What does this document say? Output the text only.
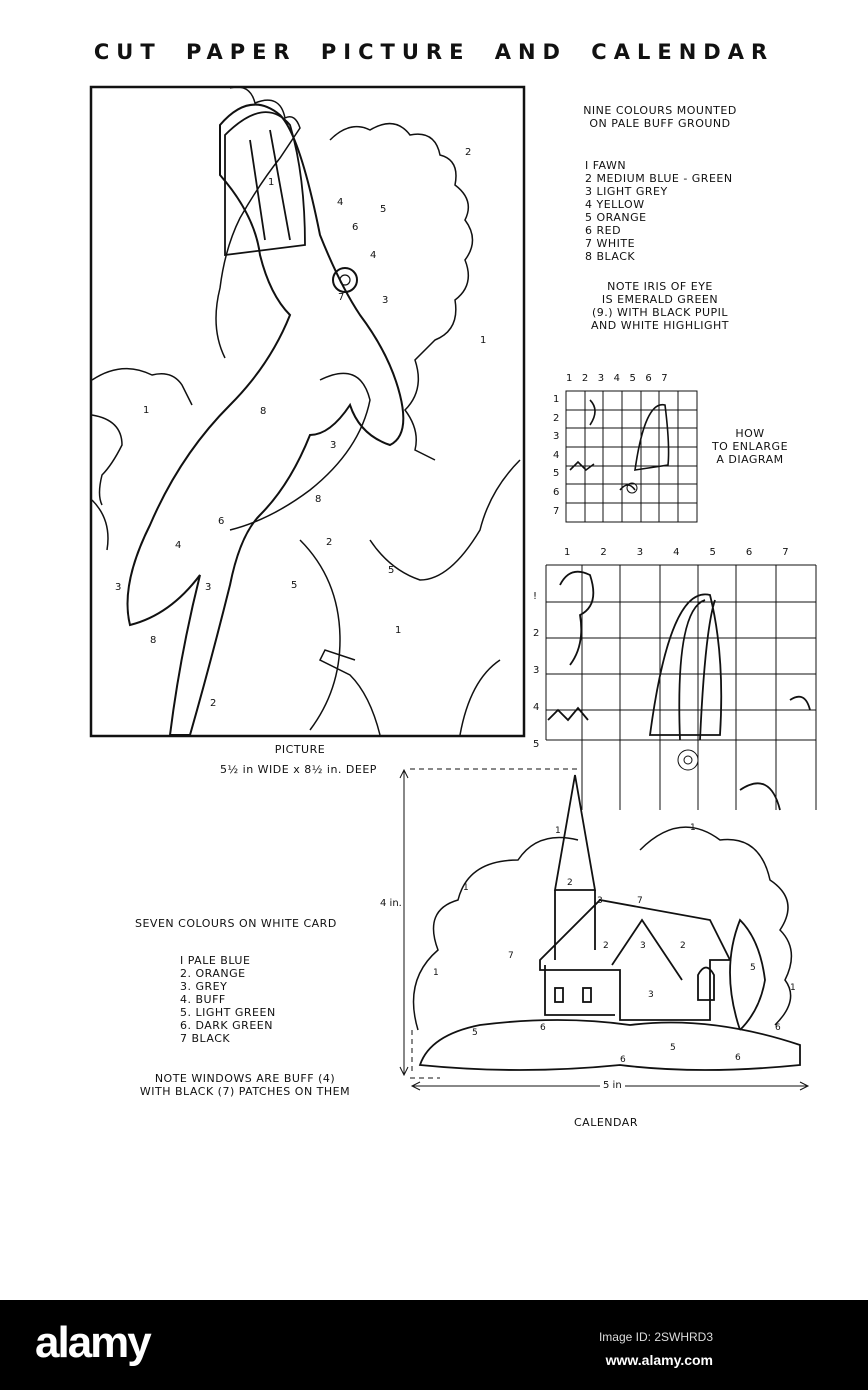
CUT PAPER PICTURE AND CALENDAR
1
2
4
5
6
4
7	3
1
1	8
3
8
6
4
3	3
2
5
5
8
1
2
1	1
1	2
3	7
2	3	2
1
7
3
5
1
5	6
5
6
6
6
NINE COLOURS MOUNTED
ON PALE BUFF GROUND
I FAWN
2 MEDIUM BLUE - GREEN
3 LIGHT GREY
4 YELLOW
5 ORANGE
6 RED
7 WHITE
8 BLACK
NOTE IRIS OF EYE
IS EMERALD GREEN
(9.) WITH BLACK PUPIL
AND WHITE HIGHLIGHT
PICTURE
5½ in WIDE x 8½ in. DEEP
HOW
TO ENLARGE
A DIAGRAM
1 2 3 4 5 6 7
1
2
3
4
5
6
7
1	2	3	4	5	6	7
!
2
3
4
5
SEVEN COLOURS ON WHITE CARD
I PALE BLUE
2. ORANGE
3. GREY
4. BUFF
5. LIGHT GREEN
6. DARK GREEN
7 BLACK
NOTE WINDOWS ARE BUFF (4)
WITH BLACK (7) PATCHES ON THEM
4 in.
5 in
CALENDAR
alamy	Image ID: 2SWHRD3
www.alamy.com
